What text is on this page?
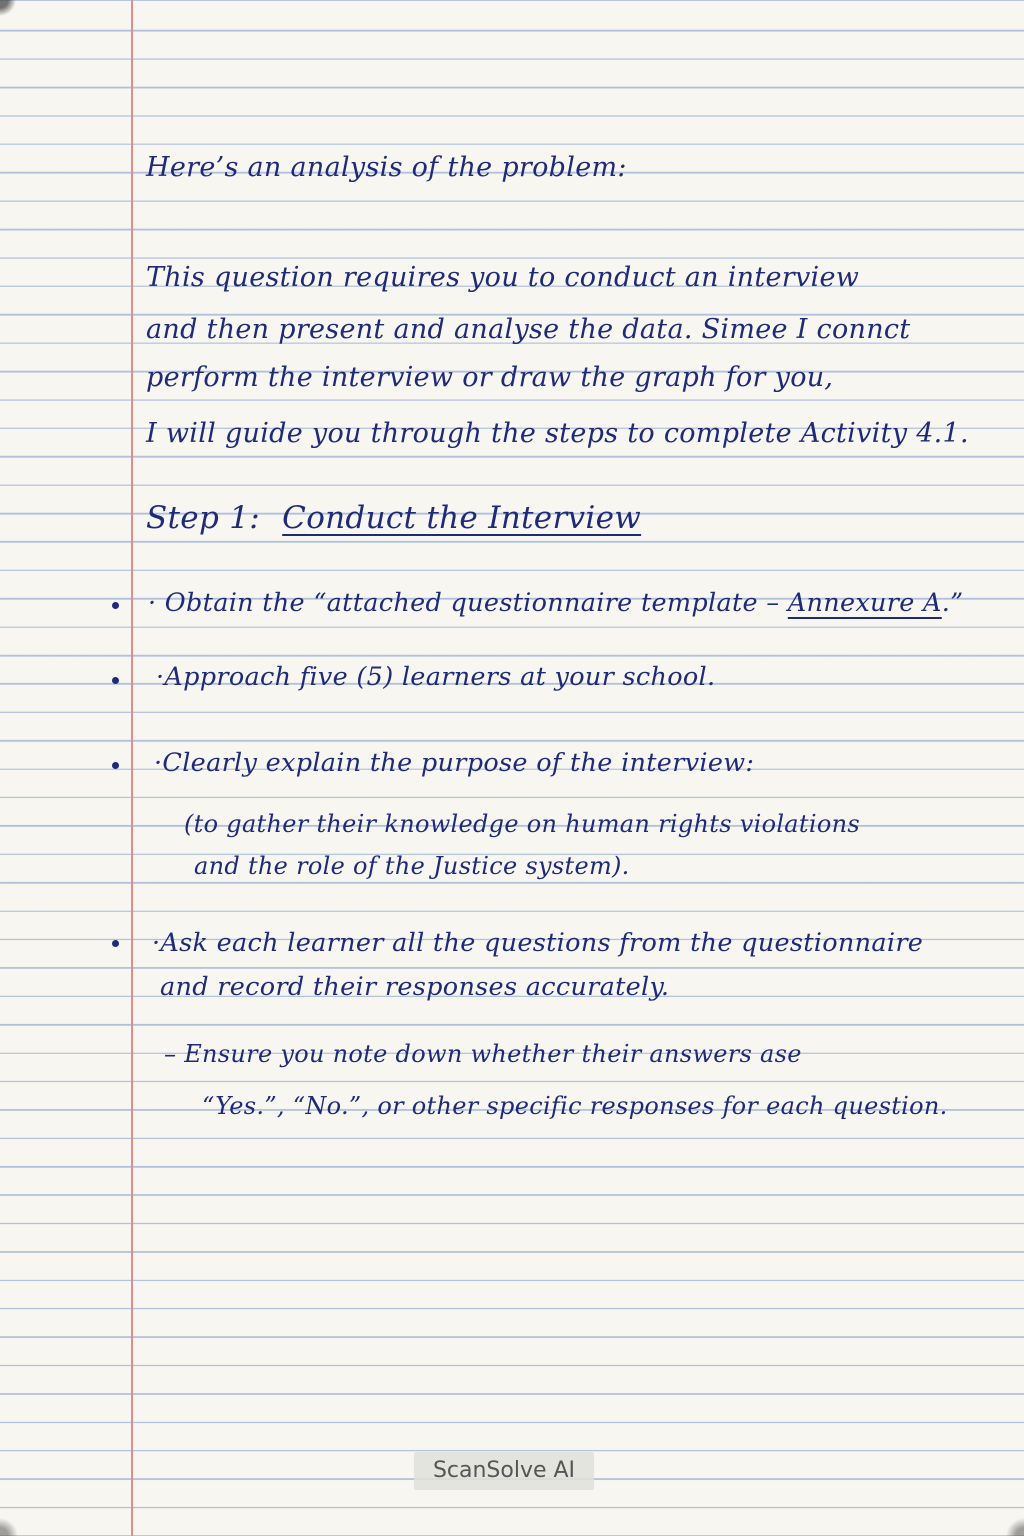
Here’s an analysis of the problem:
This question requires you to conduct an interview
and then present and analyse the data. Simee I connct
perform the interview or draw the graph for you,
I will guide you through the steps to complete Activity 4.1.
Step 1: Conduct the Interview
· Obtain the “attached questionnaire template – Annexure A.”
·Approach five (5) learners at your school.
·Clearly explain the purpose of the interview:
(to gather their knowledge on human rights violations
and the role of the Justice system).
·Ask each learner all the questions from the questionnaire
and record their responses accurately.
– Ensure you note down whether their answers ase
“Yes.”, “No.”, or other specific responses for each question.
ScanSolve AI
